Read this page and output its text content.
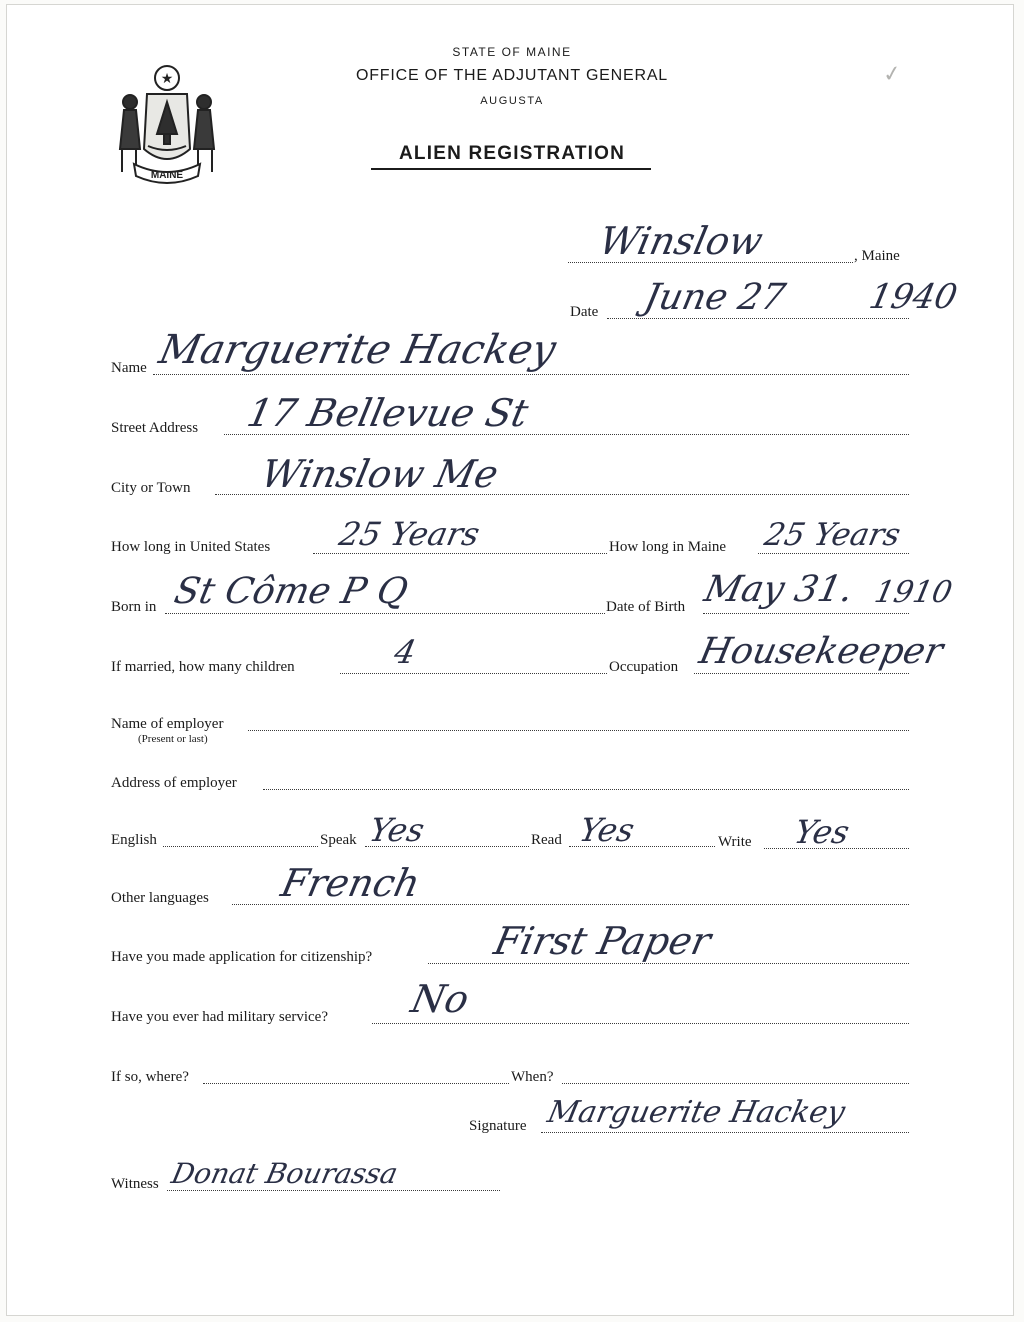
★
MAINE
STATE OF MAINE
OFFICE OF THE ADJUTANT GENERAL
AUGUSTA
ALIEN REGISTRATION
✓
Winslow	, Maine
Date June 27 1940
Name Marguerite Hackey
Street Address 17 Bellevue St
City or Town Winslow Me
How long in United States 25 Years	How long in Maine 25 Years
Born in St Côme P Q	Date of Birth May 31. 1910
If married, how many children	4	Occupation Housekeeper
Name of employer
(Present or last)
Address of employer
English	Speak Yes	Read Yes	Write Yes
Other languages French
Have you made application for citizenship?	First Paper
Have you ever had military service? No
If so, where?	When?
Signature Marguerite Hackey
Witness Donat Bourassa
